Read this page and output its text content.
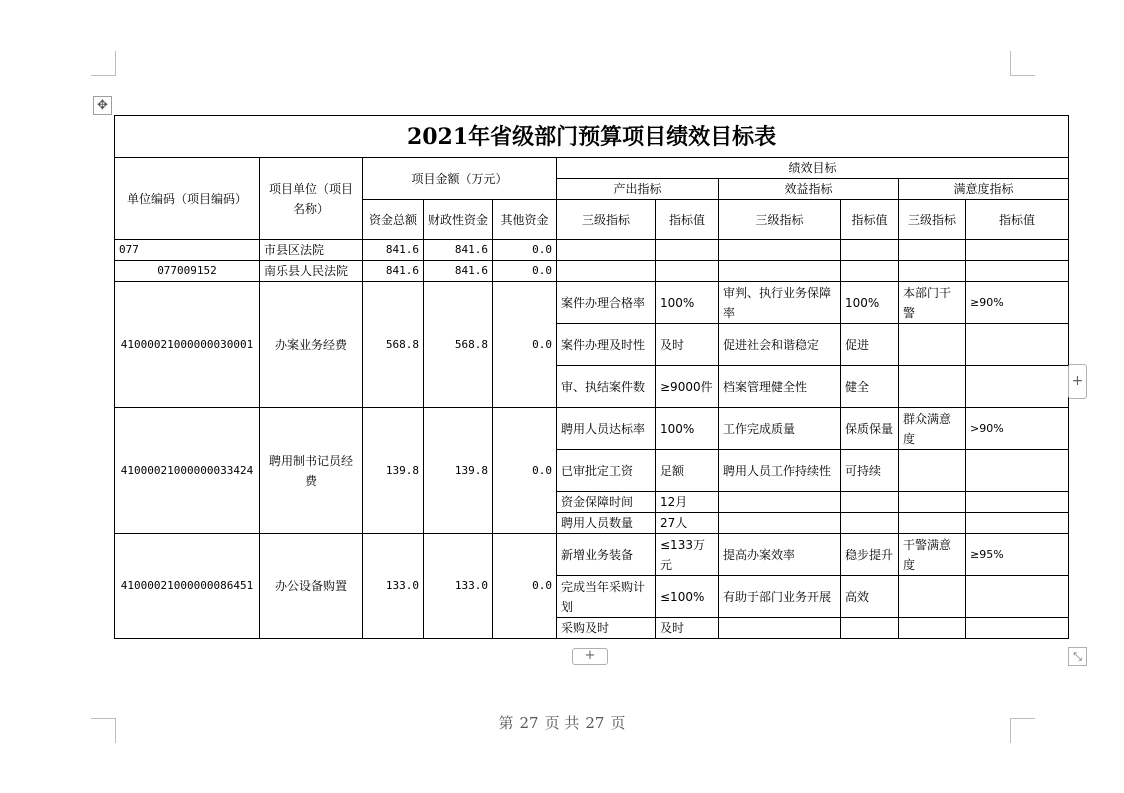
✥
2021年省级部门预算项目绩效目标表										
单位编码（项目编码）	项目单位（项目名称）	项目金额（万元）			绩效目标					
					产出指标		效益指标		满意度指标	
		资金总额	财政性资金	其他资金	三级指标	指标值	三级指标	指标值	三级指标	指标值

077	市县区法院	841.6	841.6	0.0						
077009152	南乐县人民法院	841.6	841.6	0.0						
41000021000000030001	办案业务经费	568.8	568.8	0.0	案件办理合格率	100%	审判、执行业务保障率	100%	本部门干警	≥90%
					案件办理及时性	及时	促进社会和谐稳定	促进		
					审、执结案件数	≥9000件	档案管理健全性	健全		
41000021000000033424	聘用制书记员经费	139.8	139.8	0.0	聘用人员达标率	100%	工作完成质量	保质保量	群众满意度	>90%
					已审批定工资	足额	聘用人员工作持续性	可持续		
					资金保障时间	12月				
					聘用人员数量	27人				
41000021000000086451	办公设备购置	133.0	133.0	0.0	新增业务装备	≤133万元	提高办案效率	稳步提升	干警满意度	≥95%
					完成当年采购计划	≤100%	有助于部门业务开展	高效		
					采购及时	及时				
+
+	⤡
第 27 页 共 27 页
